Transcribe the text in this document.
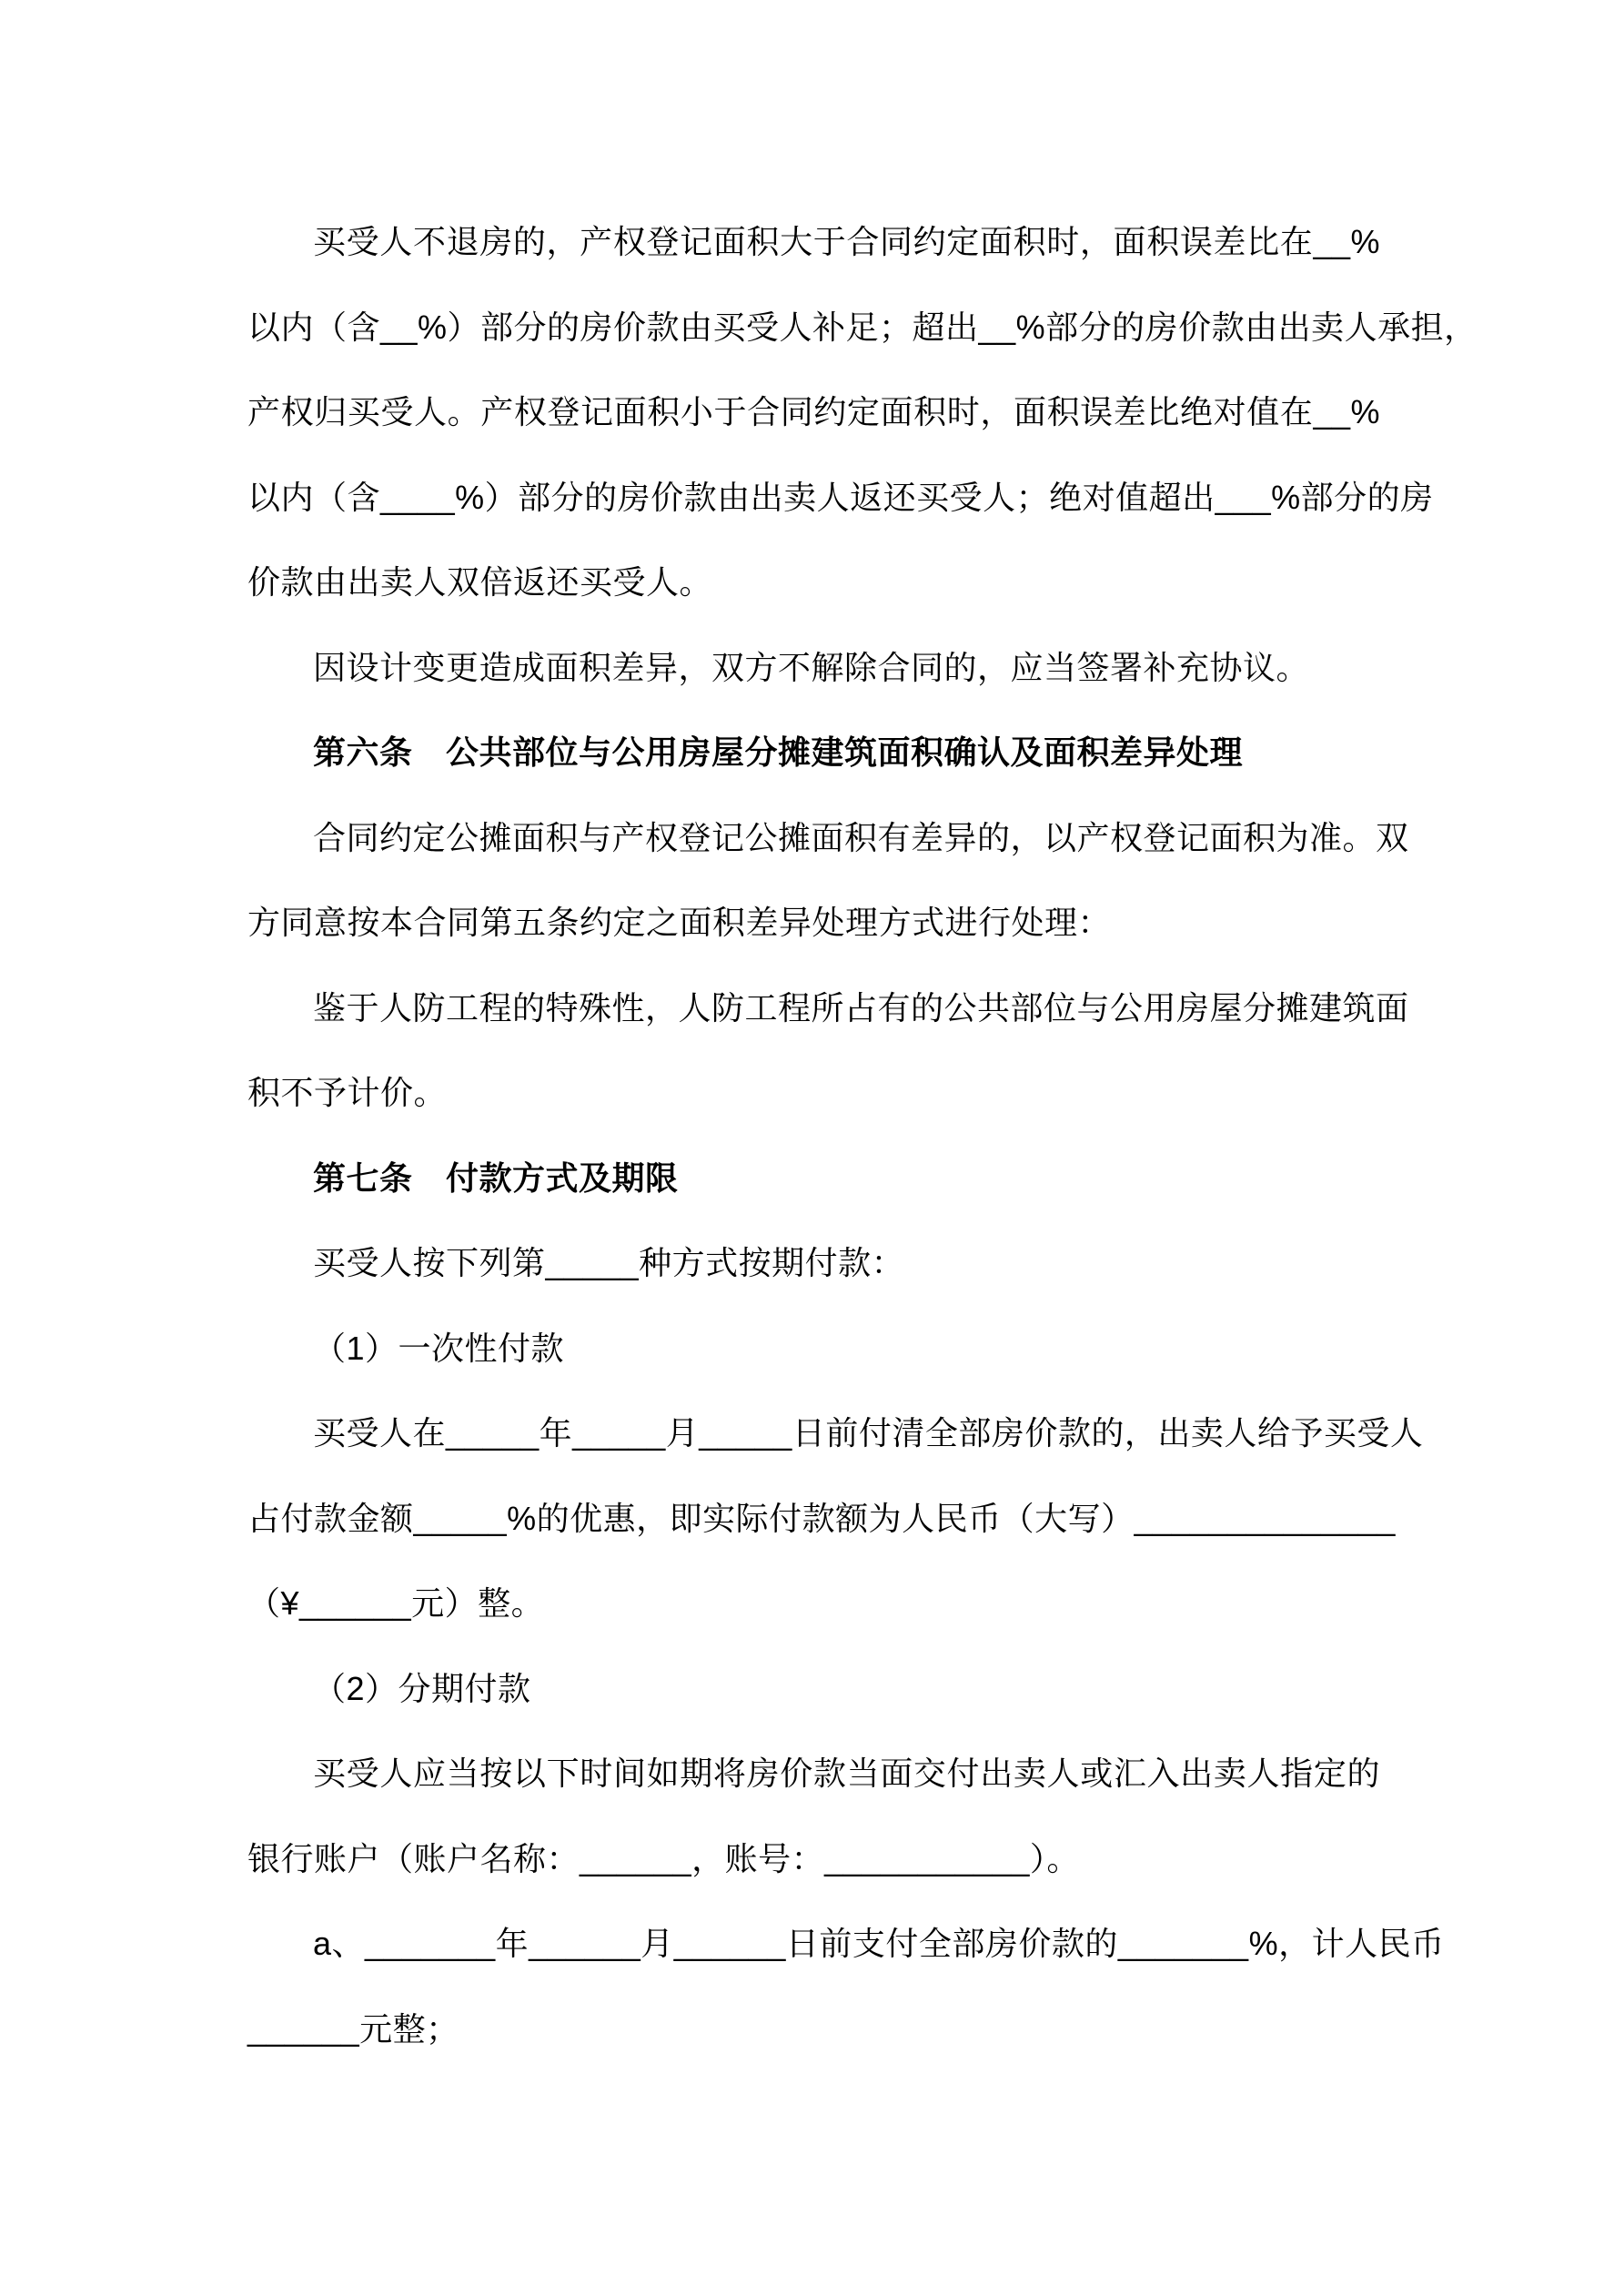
买受人不退房的，产权登记面积大于合同约定面积时，面积误差比在__%
以内（含__%）部分的房价款由买受人补足；超出__%部分的房价款由出卖人承担，
产权归买受人。产权登记面积小于合同约定面积时，面积误差比绝对值在__%
以内（含____%）部分的房价款由出卖人返还买受人；绝对值超出___%部分的房
价款由出卖人双倍返还买受人。
因设计变更造成面积差异，双方不解除合同的，应当签署补充协议。
第六条　公共部位与公用房屋分摊建筑面积确认及面积差异处理
合同约定公摊面积与产权登记公摊面积有差异的，以产权登记面积为准。双
方同意按本合同第五条约定之面积差异处理方式进行处理：
鉴于人防工程的特殊性，人防工程所占有的公共部位与公用房屋分摊建筑面
积不予计价。
第七条　付款方式及期限
买受人按下列第_____种方式按期付款：
（1）一次性付款
买受人在_____年_____月_____日前付清全部房价款的，出卖人给予买受人
占付款金额_____%的优惠，即实际付款额为人民币（大写）______________
（¥______元）整。
（2）分期付款
买受人应当按以下时间如期将房价款当面交付出卖人或汇入出卖人指定的
银行账户（账户名称：______，账号：___________）。
a、_______年______月______日前支付全部房价款的_______%，计人民币
______元整；
